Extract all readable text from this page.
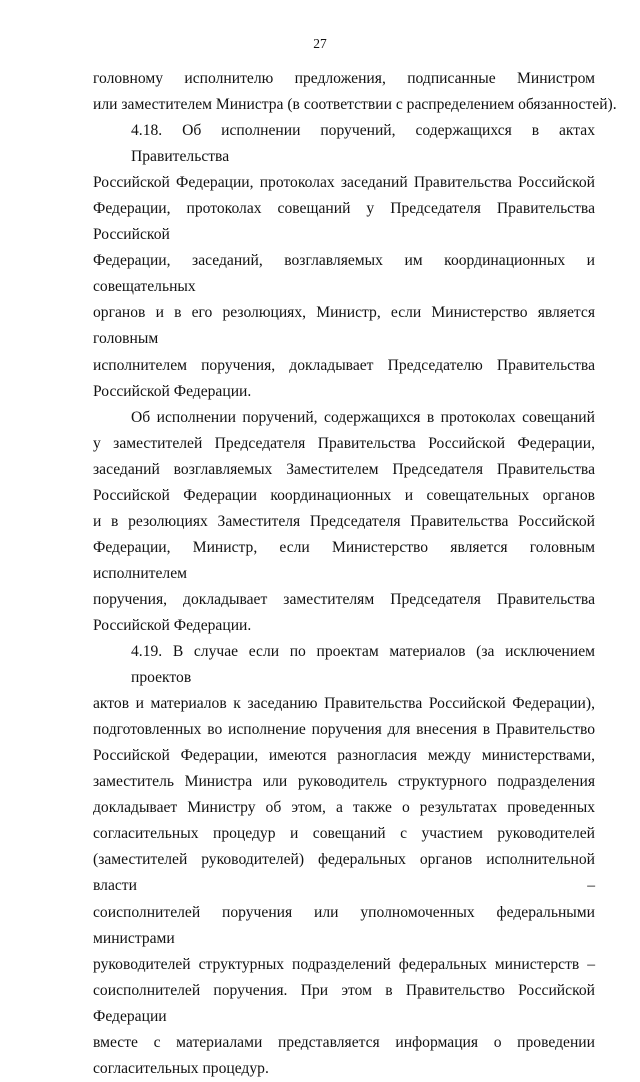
27

головному исполнителю предложения, подписанные Министром
или заместителем Министра (в соответствии с распределением обязанностей).

4.18. Об исполнении поручений, содержащихся в актах Правительства
Российской Федерации, протоколах заседаний Правительства Российской
Федерации, протоколах совещаний у Председателя Правительства Российской
Федерации, заседаний, возглавляемых им координационных и совещательных
органов и в его резолюциях, Министр, если Министерство является головным
исполнителем поручения, докладывает Председателю Правительства
Российской Федерации.

Об исполнении поручений, содержащихся в протоколах совещаний
у заместителей Председателя Правительства Российской Федерации,
заседаний возглавляемых Заместителем Председателя Правительства
Российской Федерации координационных и совещательных органов
и в резолюциях Заместителя Председателя Правительства Российской
Федерации, Министр, если Министерство является головным исполнителем
поручения, докладывает заместителям Председателя Правительства
Российской Федерации.

4.19. В случае если по проектам материалов (за исключением проектов
актов и материалов к заседанию Правительства Российской Федерации),
подготовленных во исполнение поручения для внесения в Правительство
Российской Федерации, имеются разногласия между министерствами,
заместитель Министра или руководитель структурного подразделения
докладывает Министру об этом, а также о результатах проведенных
согласительных процедур и совещаний с участием руководителей
(заместителей руководителей) федеральных органов исполнительной власти –
соисполнителей поручения или уполномоченных федеральными министрами
руководителей структурных подразделений федеральных министерств –
соисполнителей поручения. При этом в Правительство Российской Федерации
вместе с материалами представляется информация о проведении
согласительных процедур.
